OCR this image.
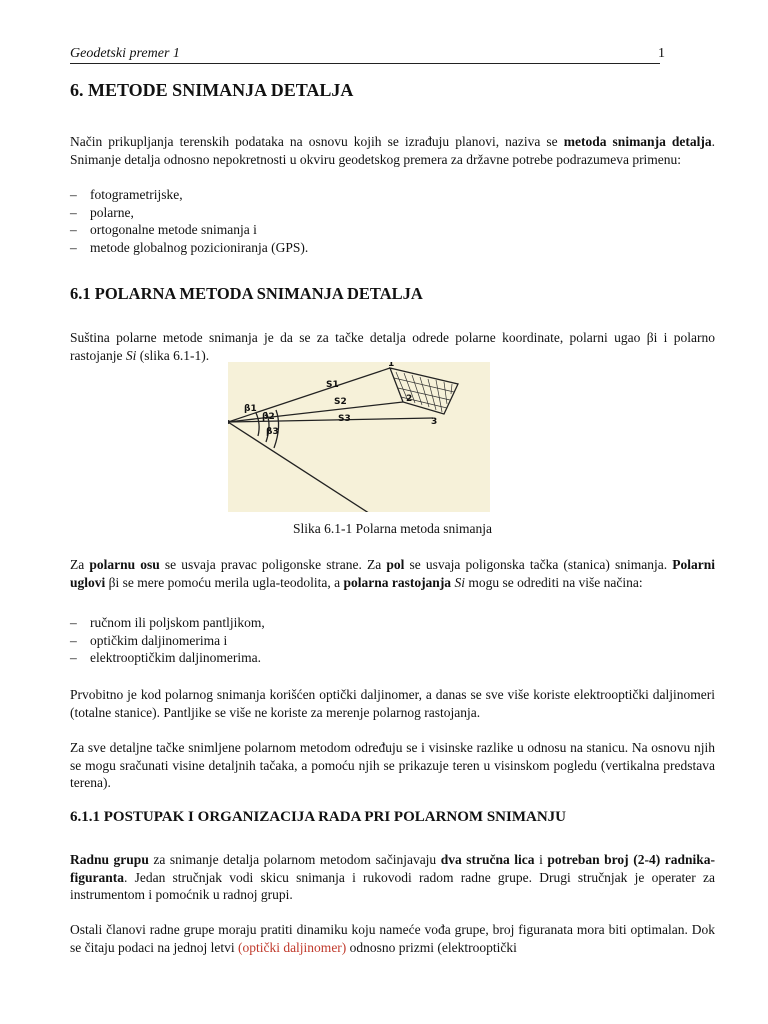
Geodetski premer 1	1
6. METODE SNIMANJA DETALJA

Način prikupljanja terenskih podataka na osnovu kojih se izrađuju planovi, naziva se metoda snimanja detalja. Snimanje detalja odnosno nepokretnosti u okviru geodetskog premera za državne potrebe podrazumeva primenu:

– fotogrametrijske,
– polarne,
– ortogonalne metode snimanja i
– metode globalnog pozicioniranja (GPS).
6.1 POLARNA METODA SNIMANJA DETALJA

Suština polarne metode snimanja je da se za tačke detalja odrede polarne koordinate, polarni ugao βi i polarno rastojanje Si (slika 6.1-1).

Slika 6.1-1 Polarna metoda snimanja

Za polarnu osu se usvaja pravac poligonske strane. Za pol se usvaja poligonska tačka (stanica) snimanja. Polarni uglovi βi se mere pomoću merila ugla-teodolita, a polarna rastojanja Si mogu se odrediti na više načina:

– ručnom ili poljskom pantljikom,
– optičkim daljinomerima i
– elektrooptičkim daljinomerima.

Prvobitno je kod polarnog snimanja korišćen optički daljinomer, a danas se sve više koriste elektrooptički daljinomeri (totalne stanice). Pantljike se više ne koriste za merenje polarnog rastojanja.

Za sve detaljne tačke snimljene polarnom metodom određuju se i visinske razlike u odnosu na stanicu. Na osnovu njih se mogu sračunati visine detaljnih tačaka, a pomoću njih se prikazuje teren u visinskom pogledu (vertikalna predstava terena).

6.1.1 POSTUPAK I ORGANIZACIJA RADA PRI POLARNOM SNIMANJU

Radnu grupu za snimanje detalja polarnom metodom sačinjavaju dva stručna lica i potreban broj (2-4) radnika-figuranta. Jedan stručnjak vodi skicu snimanja i rukovodi radom radne grupe. Drugi stručnjak je operater za instrumentom i pomoćnik u radnoj grupi.

Ostali članovi radne grupe moraju pratiti dinamiku koju nameće vođa grupe, broj figuranata mora biti optimalan. Dok se čitaju podaci na jednoj letvi (optički daljinomer) odnosno prizmi (elektrooptički

S1
S2
S3
β1
β2
β3
1
2
3
